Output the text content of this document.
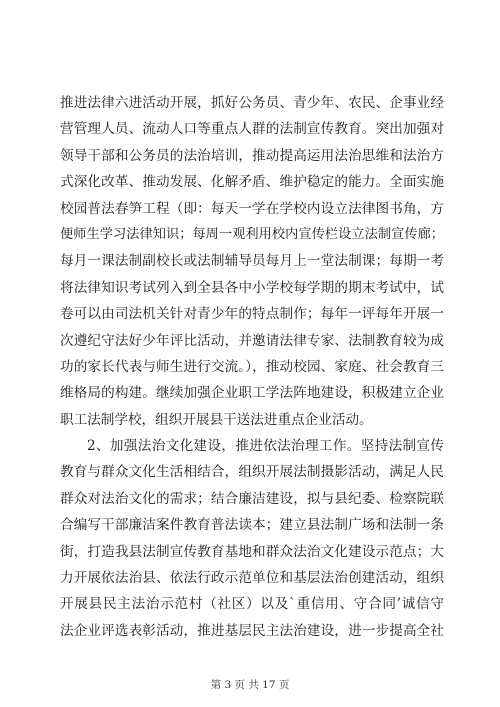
推进法律六进活动开展，抓好公务员、青少年、农民、企事业经
营管理人员、流动人口等重点人群的法制宣传教育。突出加强对
领导干部和公务员的法治培训，推动提高运用法治思维和法治方
式深化改革、推动发展、化解矛盾、维护稳定的能力。全面实施
校园普法春笋工程（即：每天一学在学校内设立法律图书角，方
便师生学习法律知识；每周一观利用校内宣传栏设立法制宣传廊；
每月一课法制副校长或法制辅导员每月上一堂法制课；每期一考
将法律知识考试列入到全县各中小学校每学期的期末考试中，试
卷可以由司法机关针对青少年的特点制作；每年一评每年开展一
次遵纪守法好少年评比活动，并邀请法律专家、法制教育较为成
功的家长代表与师生进行交流。），推动校园、家庭、社会教育三
维格局的构建。继续加强企业职工学法阵地建设，积极建立企业
职工法制学校，组织开展县干送法进重点企业活动。
2、加强法治文化建设，推进依法治理工作。坚持法制宣传
教育与群众文化生活相结合，组织开展法制摄影活动，满足人民
群众对法治文化的需求；结合廉洁建设，拟与县纪委、检察院联
合编写干部廉洁案件教育普法读本；建立县法制广场和法制一条
街，打造我县法制宣传教育基地和群众法治文化建设示范点；大
力开展依法治县、依法行政示范单位和基层法治创建活动，组织
开展县民主法治示范村（社区）以及`重信用、守合同’诚信守
法企业评选表彰活动，推进基层民主法治建设，进一步提高全社
第 3 页 共 17 页
